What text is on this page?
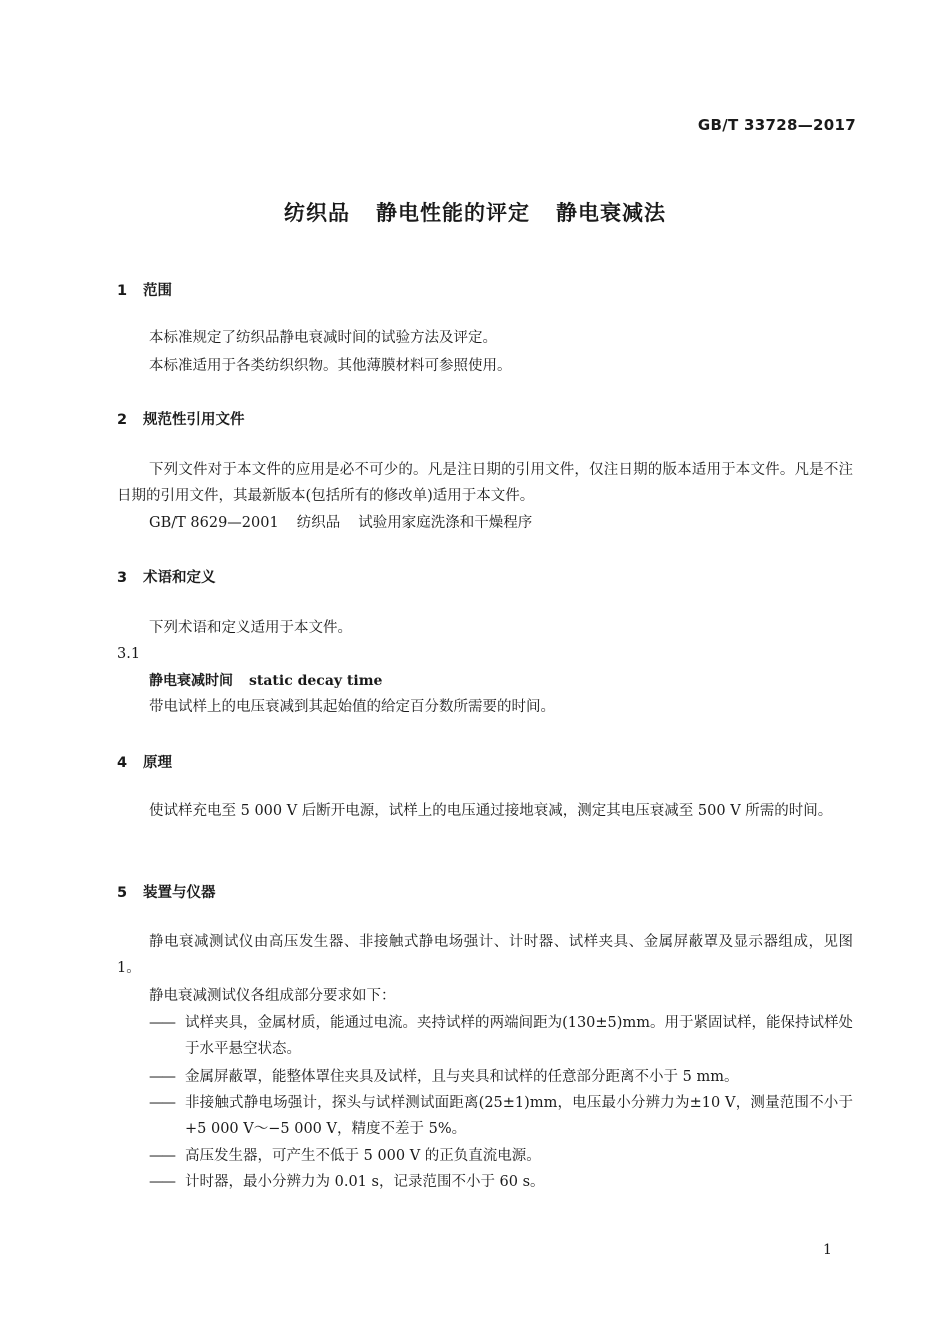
GB/T 33728—2017
纺织品 静电性能的评定 静电衰减法
1 范围
本标准规定了纺织品静电衰减时间的试验方法及评定。
本标准适用于各类纺织织物。其他薄膜材料可参照使用。
2 规范性引用文件
下列文件对于本文件的应用是必不可少的。凡是注日期的引用文件，仅注日期的版本适用于本文件。凡是不注日期的引用文件，其最新版本(包括所有的修改单)适用于本文件。
GB/T 8629—2001 纺织品 试验用家庭洗涤和干燥程序
3 术语和定义
下列术语和定义适用于本文件。
3.1
静电衰减时间 static decay time
带电试样上的电压衰减到其起始值的给定百分数所需要的时间。
4 原理
使试样充电至 5 000 V 后断开电源，试样上的电压通过接地衰减，测定其电压衰减至 500 V 所需的时间。
5 装置与仪器
静电衰减测试仪由高压发生器、非接触式静电场强计、计时器、试样夹具、金属屏蔽罩及显示器组成，见图 1。
静电衰减测试仪各组成部分要求如下：
—— 试样夹具，金属材质，能通过电流。夹持试样的两端间距为(130±5)mm。用于紧固试样，能保持试样处于水平悬空状态。
—— 金属屏蔽罩，能整体罩住夹具及试样，且与夹具和试样的任意部分距离不小于 5 mm。
—— 非接触式静电场强计，探头与试样测试面距离(25±1)mm，电压最小分辨力为±10 V，测量范围不小于+5 000 V～−5 000 V，精度不差于 5%。
—— 高压发生器，可产生不低于 5 000 V 的正负直流电源。
—— 计时器，最小分辨力为 0.01 s，记录范围不小于 60 s。
1
